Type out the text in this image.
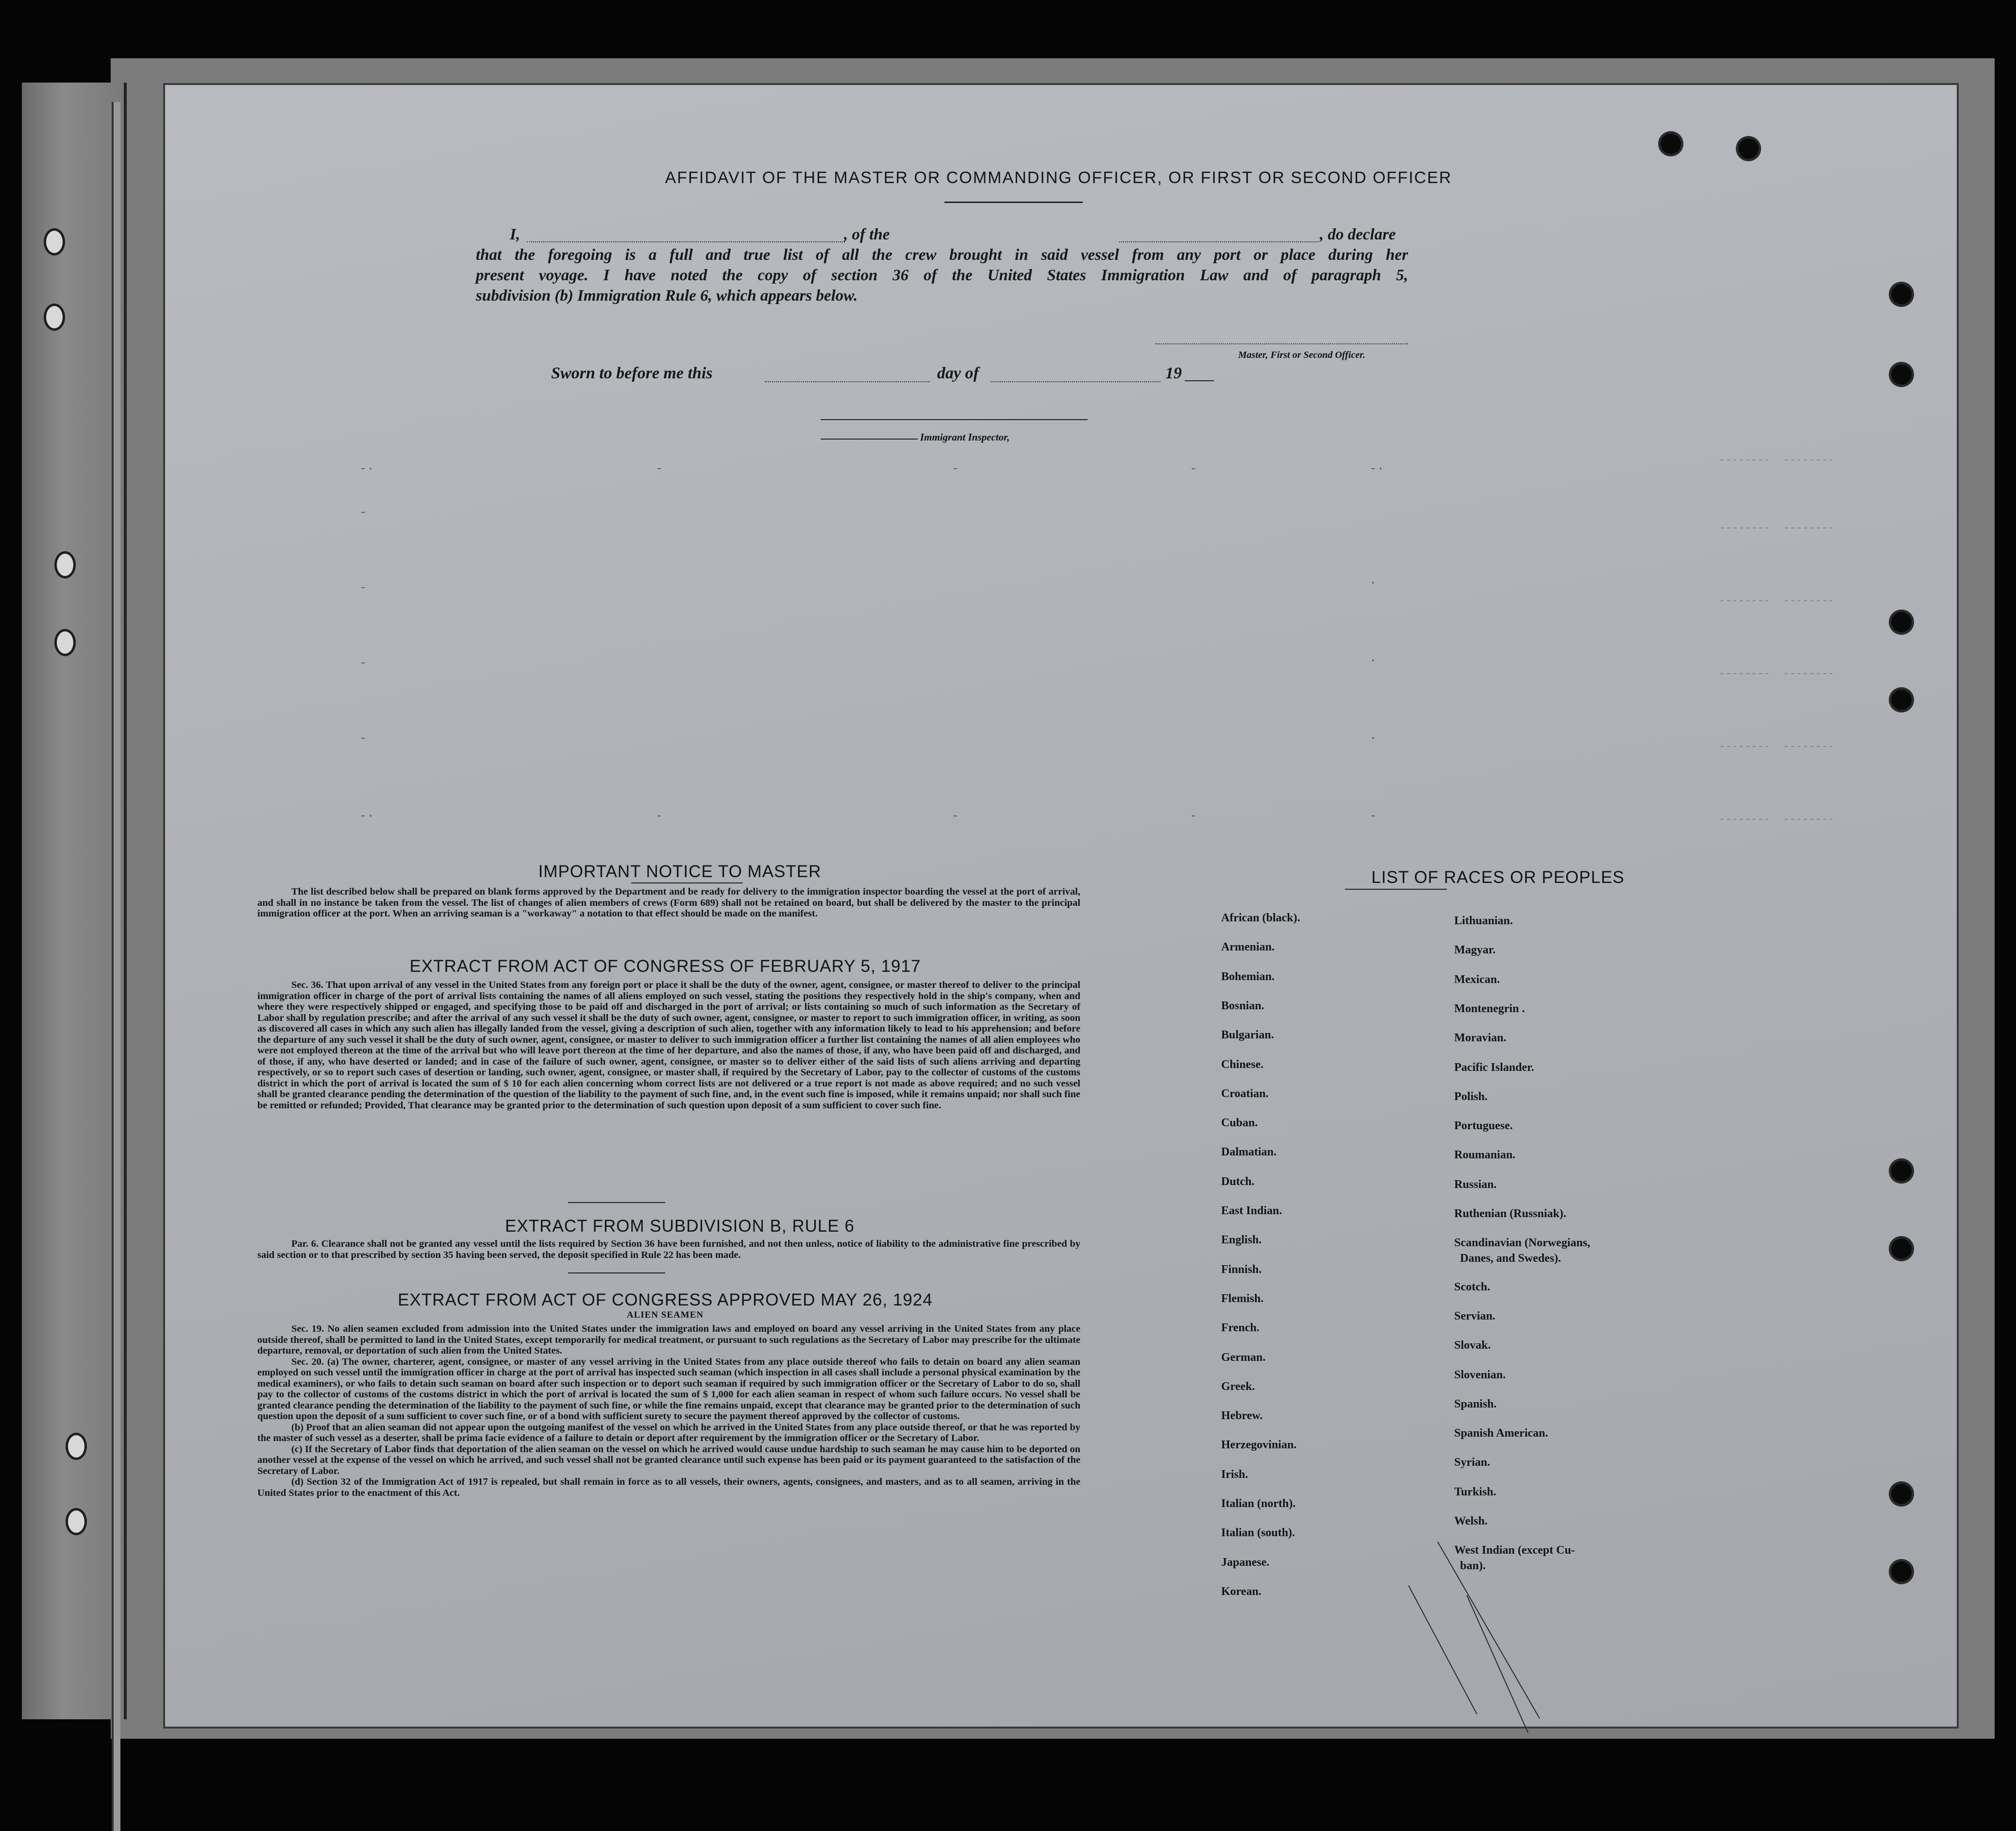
--------  --------
--------  --------
--------  --------
--------  --------
--------  --------
--------  --------
-·
-
-
-
-
-·
-
-
-
-
-
-
-·
-
·
·
·
AFFIDAVIT OF THE MASTER OR COMMANDING OFFICER, OR FIRST OR SECOND OFFICER
I,	, of the	, do declare
that the foregoing is a full and true list of all the crew brought in said vessel from any port or place during her
present voyage. I have noted the copy of section 36 of the United States Immigration Law and of paragraph 5,
subdivision (b) Immigration Rule 6, which appears below.
Master, First or Second Officer.
Sworn to before me this	day of	19
Immigrant Inspector,
IMPORTANT NOTICE TO MASTER
The list described below shall be prepared on blank forms approved by the Department and be ready for delivery to the immigration inspector boarding the vessel at the port of arrival, and shall in no instance be taken from the vessel. The list of changes of alien members of crews (Form 689) shall not be retained on board, but shall be delivered by the master to the principal immigration officer at the port. When an arriving seaman is a "workaway" a notation to that effect should be made on the manifest.
EXTRACT FROM ACT OF CONGRESS OF FEBRUARY 5, 1917
Sec. 36. That upon arrival of any vessel in the United States from any foreign port or place it shall be the duty of the owner, agent, consignee, or master thereof to deliver to the principal immigration officer in charge of the port of arrival lists containing the names of all aliens employed on such vessel, stating the positions they respectively hold in the ship's company, when and where they were respectively shipped or engaged, and specifying those to be paid off and discharged in the port of arrival; or lists containing so much of such information as the Secretary of Labor shall by regulation prescribe; and after the arrival of any such vessel it shall be the duty of such owner, agent, consignee, or master to report to such immigration officer, in writing, as soon as discovered all cases in which any such alien has illegally landed from the vessel, giving a description of such alien, together with any information likely to lead to his apprehension; and before the departure of any such vessel it shall be the duty of such owner, agent, consignee, or master to deliver to such immigration officer a further list containing the names of all alien employees who were not employed thereon at the time of the arrival but who will leave port thereon at the time of her departure, and also the names of those, if any, who have been paid off and discharged, and of those, if any, who have deserted or landed; and in case of the failure of such owner, agent, consignee, or master so to deliver either of the said lists of such aliens arriving and departing respectively, or so to report such cases of desertion or landing, such owner, agent, consignee, or master shall, if required by the Secretary of Labor, pay to the collector of customs of the customs district in which the port of arrival is located the sum of $ 10 for each alien concerning whom correct lists are not delivered or a true report is not made as above required; and no such vessel shall be granted clearance pending the determination of the question of the liability to the payment of such fine, and, in the event such fine is imposed, while it remains unpaid; nor shall such fine be remitted or refunded; Provided, That clearance may be granted prior to the determination of such question upon deposit of a sum sufficient to cover such fine.
EXTRACT FROM SUBDIVISION B, RULE 6
Par. 6. Clearance shall not be granted any vessel until the lists required by Section 36 have been furnished, and not then unless, notice of liability to the administrative fine prescribed by said section or to that prescribed by section 35 having been served, the deposit specified in Rule 22 has been made.
EXTRACT FROM ACT OF CONGRESS APPROVED MAY 26, 1924
ALIEN SEAMEN
Sec. 19. No alien seamen excluded from admission into the United States under the immigration laws and employed on board any vessel arriving in the United States from any place outside thereof, shall be permitted to land in the United States, except temporarily for medical treatment, or pursuant to such regulations as the Secretary of Labor may prescribe for the ultimate departure, removal, or deportation of such alien from the United States.
Sec. 20. (a) The owner, charterer, agent, consignee, or master of any vessel arriving in the United States from any place outside thereof who fails to detain on board any alien seaman employed on such vessel until the immigration officer in charge at the port of arrival has inspected such seaman (which inspection in all cases shall include a personal physical examination by the medical examiners), or who fails to detain such seaman on board after such inspection or to deport such seaman if required by such immigration officer or the Secretary of Labor to do so, shall pay to the collector of customs of the customs district in which the port of arrival is located the sum of $ 1,000 for each alien seaman in respect of whom such failure occurs. No vessel shall be granted clearance pending the determination of the liability to the payment of such fine, or while the fine remains unpaid, except that clearance may be granted prior to the determination of such question upon the deposit of a sum sufficient to cover such fine, or of a bond with sufficient surety to secure the payment thereof approved by the collector of customs.
(b) Proof that an alien seaman did not appear upon the outgoing manifest of the vessel on which he arrived in the United States from any place outside thereof, or that he was reported by the master of such vessel as a deserter, shall be prima facie evidence of a failure to detain or deport after requirement by the immigration officer or the Secretary of Labor.
(c) If the Secretary of Labor finds that deportation of the alien seaman on the vessel on which he arrived would cause undue hardship to such seaman he may cause him to be deported on another vessel at the expense of the vessel on which he arrived, and such vessel shall not be granted clearance until such expense has been paid or its payment guaranteed to the satisfaction of the Secretary of Labor.
(d) Section 32 of the Immigration Act of 1917 is repealed, but shall remain in force as to all vessels, their owners, agents, consignees, and masters, and as to all seamen, arriving in the United States prior to the enactment of this Act.
LIST OF RACES OR PEOPLES
African (black).
Armenian.
Bohemian.
Bosnian.
Bulgarian.
Chinese.
Croatian.
Cuban.
Dalmatian.
Dutch.
East Indian.
English.
Finnish.
Flemish.
French.
German.
Greek.
Hebrew.
Herzegovinian.
Irish.
Italian (north).
Italian (south).
Japanese.
Korean.
Lithuanian.
Magyar.
Mexican.
Montenegrin .
Moravian.
Pacific Islander.
Polish.
Portuguese.
Roumanian.
Russian.
Ruthenian (Russniak).
Scandinavian (Norwegians,
Danes, and Swedes).
Scotch.
Servian.
Slovak.
Slovenian.
Spanish.
Spanish American.
Syrian.
Turkish.
Welsh.
West Indian (except Cu-
ban).
